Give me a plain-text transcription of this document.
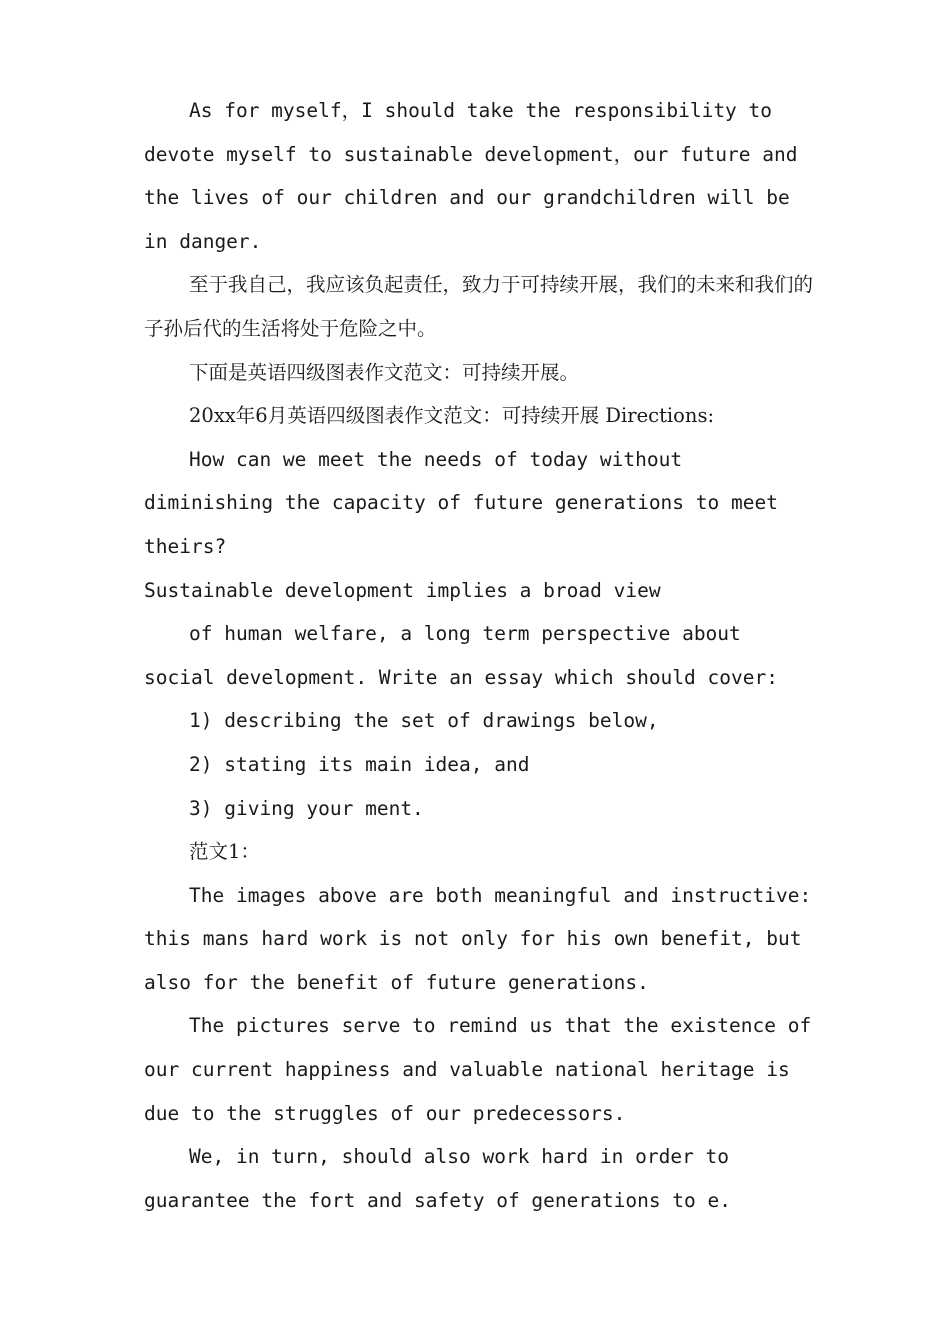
As for myself，I should take the responsibility to devote myself to sustainable development，our future and the lives of our children and our grandchildren will be in danger.

至于我自己，我应该负起责任，致力于可持续开展，我们的未来和我们的子孙后代的生活将处于危险之中。

下面是英语四级图表作文范文：可持续开展。

20xx年6月英语四级图表作文范文：可持续开展 Directions:

How can we meet the needs of today without diminishing the capacity of future generations to meet theirs?

Sustainable development implies a broad view

of human welfare, a long term perspective about social development. Write an essay which should cover:

1) describing the set of drawings below,

2) stating its main idea, and

3) giving your ment.

范文1：

The images above are both meaningful and instructive: this mans hard work is not only for his own benefit, but also for the benefit of future generations.

The pictures serve to remind us that the existence of our current happiness and valuable national heritage is due to the struggles of our predecessors.

We, in turn, should also work hard in order to guarantee the fort and safety of generations to e.
